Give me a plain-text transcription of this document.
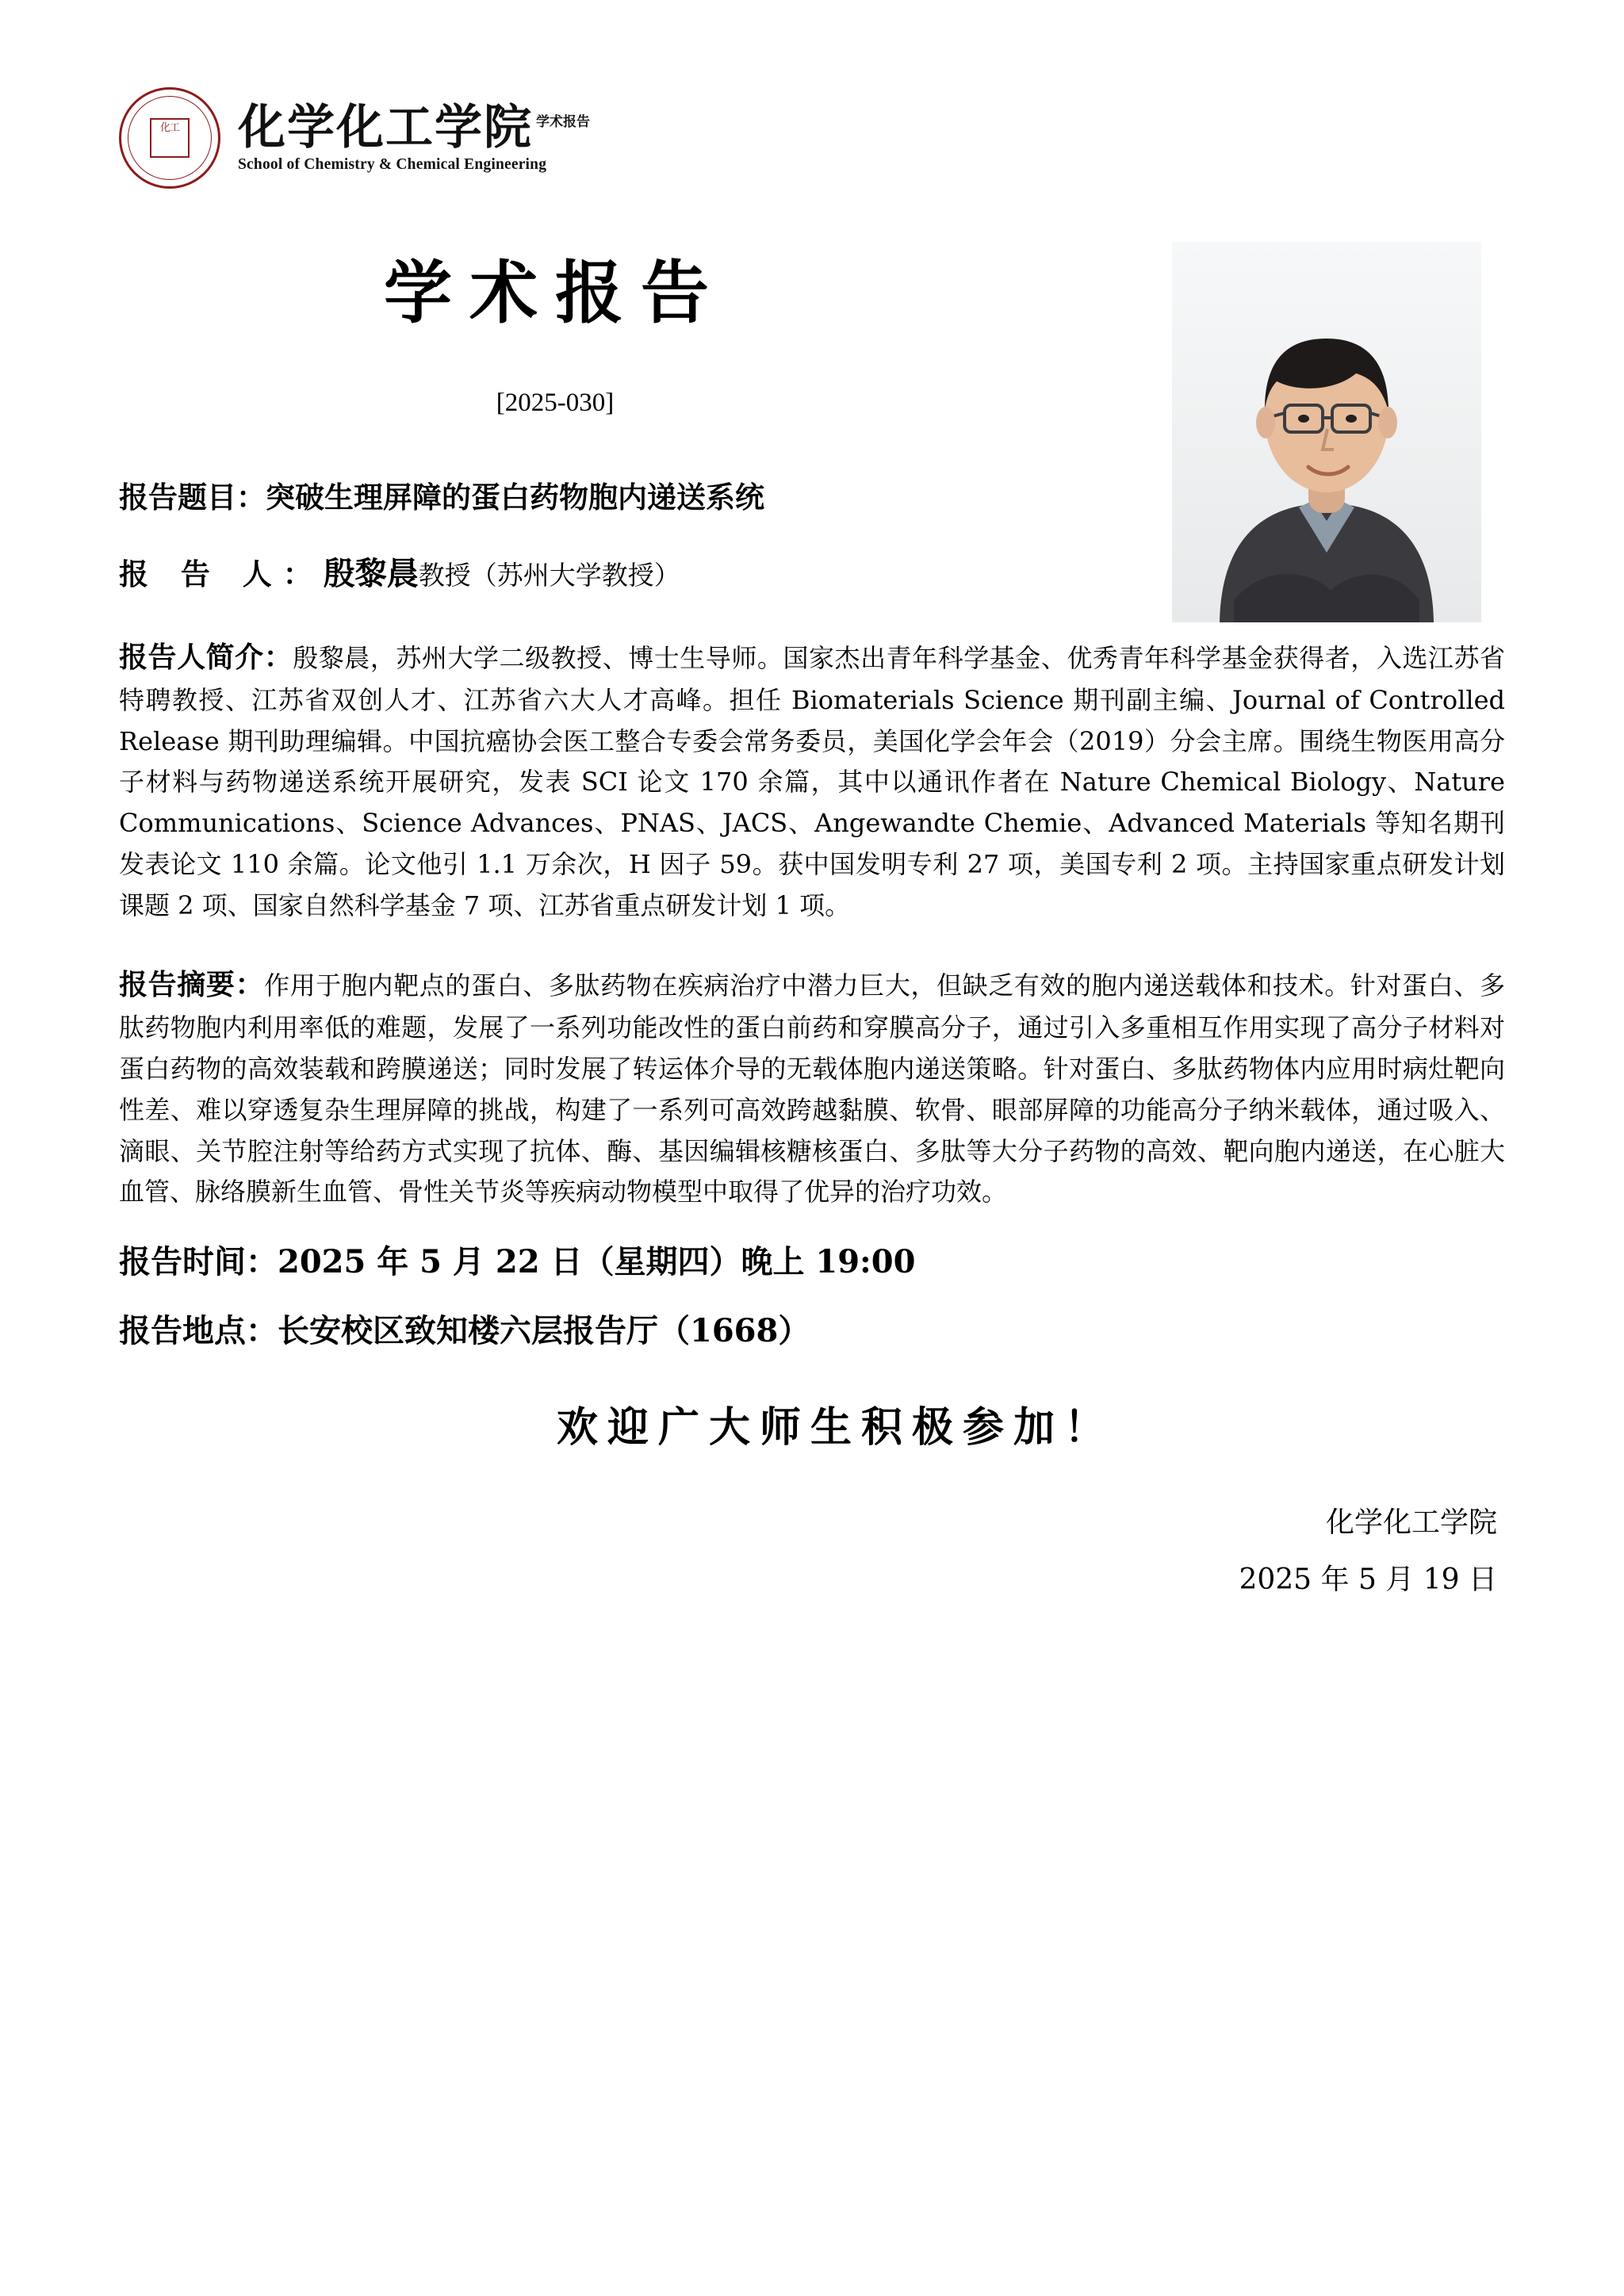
化工 化学化工学院 $^{学术报告}$
School of Chemistry & Chemical Engineering
学术报告
[2025-030]
报告题目：突破生理屏障的蛋白药物胞内递送系统
报 告 人：殷黎晨教授（苏州大学教授）
报告人简介：殷黎晨，苏州大学二级教授、博士生导师。国家杰出青年科学基金、优秀青年科学基金获得者，入选江苏省特聘教授、江苏省双创人才、江苏省六大人才高峰。担任 Biomaterials Science 期刊副主编、Journal of Controlled Release 期刊助理编辑。中国抗癌协会医工整合专委会常务委员，美国化学会年会（2019）分会主席。围绕生物医用高分子材料与药物递送系统开展研究，发表 SCI 论文 170 余篇，其中以通讯作者在 Nature Chemical Biology、Nature Communications、Science Advances、PNAS、JACS、Angewandte Chemie、Advanced Materials 等知名期刊发表论文 110 余篇。论文他引 1.1 万余次，H 因子 59。获中国发明专利 27 项，美国专利 2 项。主持国家重点研发计划课题 2 项、国家自然科学基金 7 项、江苏省重点研发计划 1 项。
报告摘要：作用于胞内靶点的蛋白、多肽药物在疾病治疗中潜力巨大，但缺乏有效的胞内递送载体和技术。针对蛋白、多肽药物胞内利用率低的难题，发展了一系列功能改性的蛋白前药和穿膜高分子，通过引入多重相互作用实现了高分子材料对蛋白药物的高效装载和跨膜递送；同时发展了转运体介导的无载体胞内递送策略。针对蛋白、多肽药物体内应用时病灶靶向性差、难以穿透复杂生理屏障的挑战，构建了一系列可高效跨越黏膜、软骨、眼部屏障的功能高分子纳米载体，通过吸入、滴眼、关节腔注射等给药方式实现了抗体、酶、基因编辑核糖核蛋白、多肽等大分子药物的高效、靶向胞内递送，在心脏大血管、脉络膜新生血管、骨性关节炎等疾病动物模型中取得了优异的治疗功效。
报告时间：2025 年 5 月 22 日（星期四）晚上 19:00
报告地点：长安校区致知楼六层报告厅（1668）
欢迎广大师生积极参加！
化学化工学院
2025 年 5 月 19 日
